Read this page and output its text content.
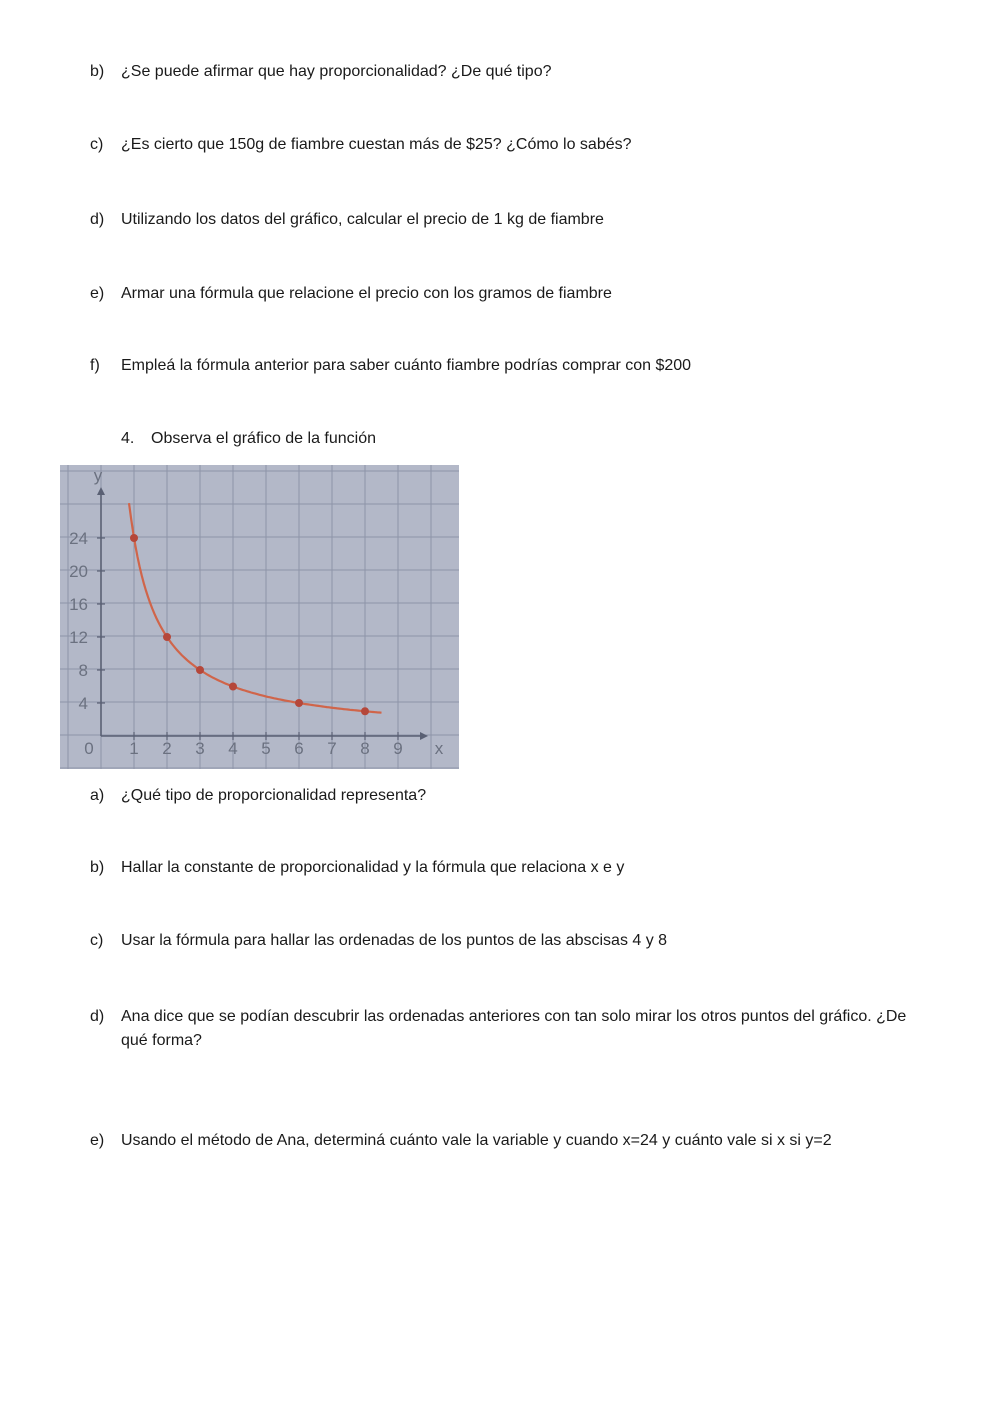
b)	¿Se puede afirmar que hay proporcionalidad? ¿De qué tipo?
c)	¿Es cierto que 150g de fiambre cuestan más de $25? ¿Cómo lo sabés?
d)	Utilizando los datos del gráfico, calcular el precio de 1 kg de fiambre
e)	Armar una fórmula que relacione el precio con los gramos de fiambre
f)	Empleá la fórmula anterior para saber cuánto fiambre podrías comprar con $200
4. Observa el gráfico de la función
1 2 3 4 5 6 7 8 9
4
8
12
16
20
24
0	x
y
a)	¿Qué tipo de proporcionalidad representa?
b)	Hallar la constante de proporcionalidad y la fórmula que relaciona x e y
c)	Usar la fórmula para hallar las ordenadas de los puntos de las abscisas 4 y 8
d)	Ana dice que se podían descubrir las ordenadas anteriores con tan solo mirar los otros puntos del gráfico. ¿De qué forma?
e)	Usando el método de Ana, determiná cuánto vale la variable y cuando x=24 y cuánto vale si x si y=2
